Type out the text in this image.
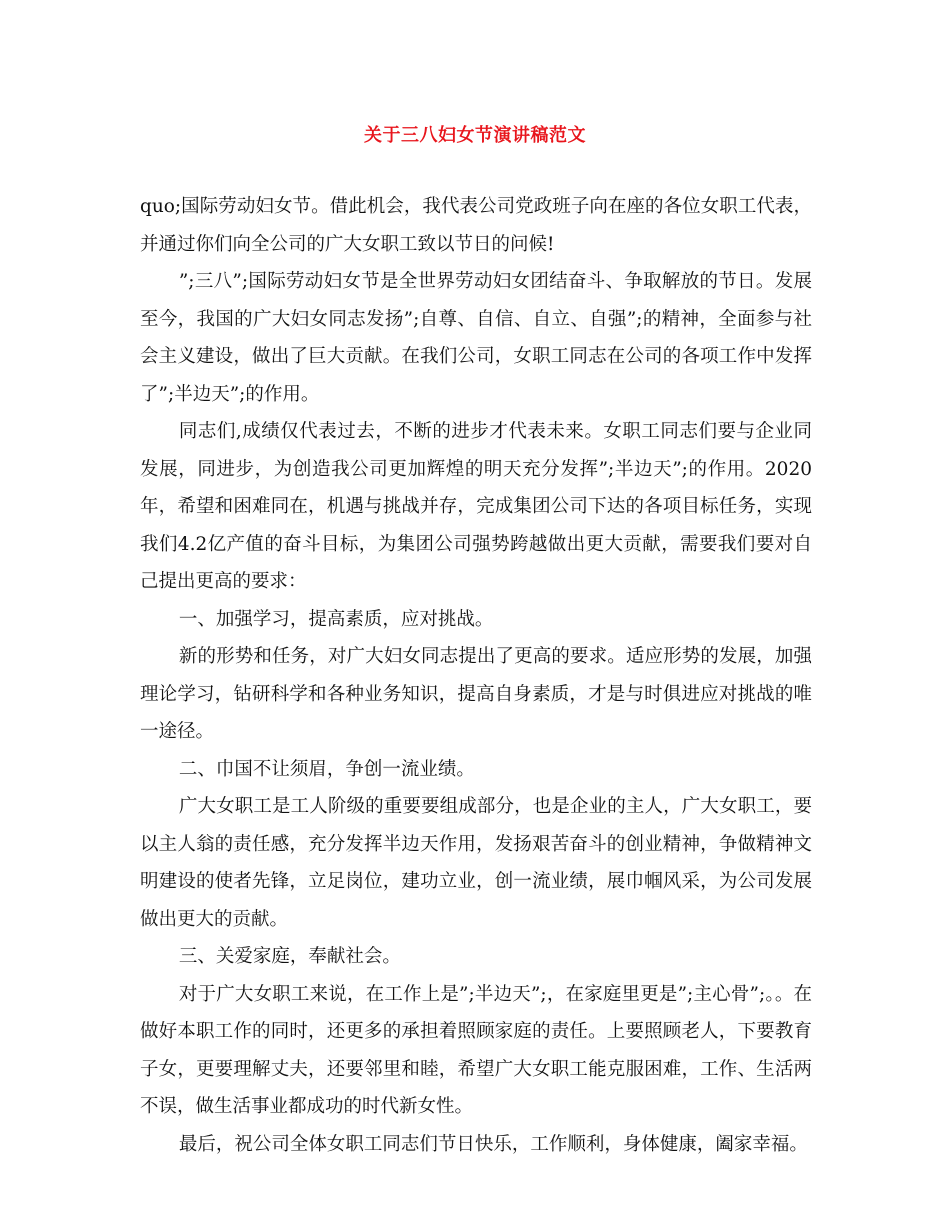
关于三八妇女节演讲稿范文

quo;国际劳动妇女节。借此机会，我代表公司党政班子向在座的各位女职工代表，并通过你们向全公司的广大女职工致以节日的问候!

”;三八”;国际劳动妇女节是全世界劳动妇女团结奋斗、争取解放的节日。发展至今，我国的广大妇女同志发扬”;自尊、自信、自立、自强”;的精神，全面参与社会主义建设，做出了巨大贡献。在我们公司，女职工同志在公司的各项工作中发挥了”;半边天”;的作用。

同志们,成绩仅代表过去，不断的进步才代表未来。女职工同志们要与企业同发展，同进步，为创造我公司更加辉煌的明天充分发挥”;半边天”;的作用。2020年，希望和困难同在，机遇与挑战并存，完成集团公司下达的各项目标任务，实现我们4.2亿产值的奋斗目标，为集团公司强势跨越做出更大贡献，需要我们要对自己提出更高的要求：

一、加强学习，提高素质，应对挑战。

新的形势和任务，对广大妇女同志提出了更高的要求。适应形势的发展，加强理论学习，钻研科学和各种业务知识，提高自身素质，才是与时俱进应对挑战的唯一途径。

二、巾国不让须眉，争创一流业绩。

广大女职工是工人阶级的重要要组成部分，也是企业的主人，广大女职工，要以主人翁的责任感，充分发挥半边天作用，发扬艰苦奋斗的创业精神，争做精神文明建设的使者先锋，立足岗位，建功立业，创一流业绩，展巾帼风采，为公司发展做出更大的贡献。

三、关爱家庭，奉献社会。

对于广大女职工来说，在工作上是”;半边天”;，在家庭里更是”;主心骨”;。。在做好本职工作的同时，还更多的承担着照顾家庭的责任。上要照顾老人，下要教育子女，更要理解丈夫，还要邻里和睦，希望广大女职工能克服困难，工作、生活两不误，做生活事业都成功的时代新女性。

最后，祝公司全体女职工同志们节日快乐，工作顺利，身体健康，阖家幸福。
